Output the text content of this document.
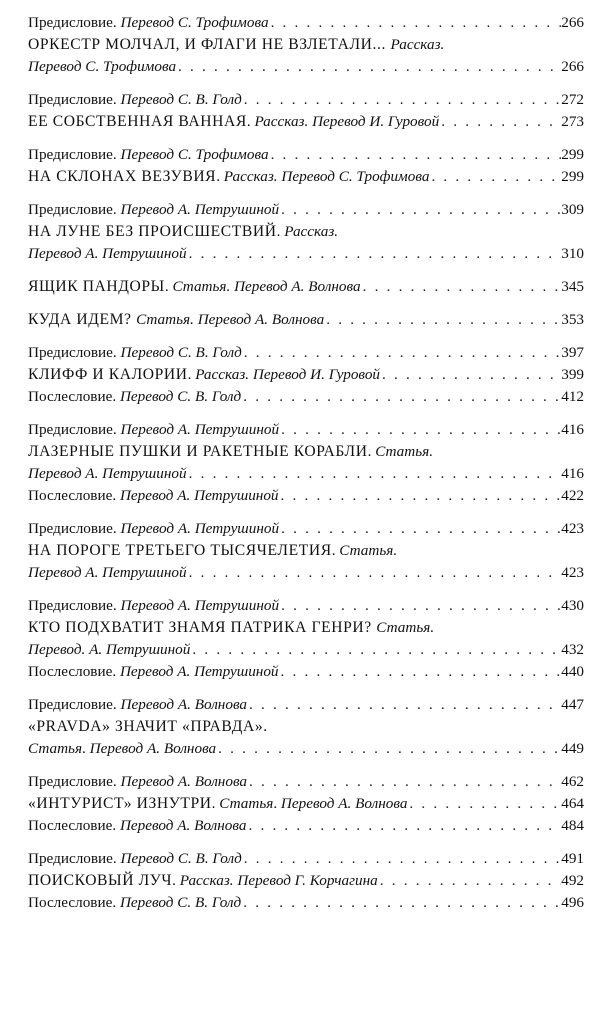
Предисловие. Перевод С. Трофимова . . .	266
ОРКЕСТР МОЛЧАЛ, И ФЛАГИ НЕ ВЗЛЕТАЛИ... Рассказ.
Перевод С. Трофимова . . .	266
Предисловие. Перевод С. В. Голд . . .	272
ЕЕ СОБСТВЕННАЯ ВАННАЯ. Рассказ. Перевод И. Гуровой . . .	273
Предисловие. Перевод С. Трофимова . . .	299
НА СКЛОНАХ ВЕЗУВИЯ. Рассказ. Перевод С. Трофимова . . .	299
Предисловие. Перевод А. Петрушиной . . .	309
НА ЛУНЕ БЕЗ ПРОИСШЕСТВИЙ. Рассказ.
Перевод А. Петрушиной . . .	310
ЯЩИК ПАНДОРЫ. Статья. Перевод А. Волнова . . .	345
КУДА ИДЕМ? Статья. Перевод А. Волнова . . .	353
Предисловие. Перевод С. В. Голд . . .	397
КЛИФФ И КАЛОРИИ. Рассказ. Перевод И. Гуровой . . .	399
Послесловие. Перевод С. В. Голд . . .	412
Предисловие. Перевод А. Петрушиной . . .	416
ЛАЗЕРНЫЕ ПУШКИ И РАКЕТНЫЕ КОРАБЛИ. Статья.
Перевод А. Петрушиной . . .	416
Послесловие. Перевод А. Петрушиной . . .	422
Предисловие. Перевод А. Петрушиной . . .	423
НА ПОРОГЕ ТРЕТЬЕГО ТЫСЯЧЕЛЕТИЯ. Статья.
Перевод А. Петрушиной . . .	423
Предисловие. Перевод А. Петрушиной . . .	430
КТО ПОДХВАТИТ ЗНАМЯ ПАТРИКА ГЕНРИ? Статья.
Перевод. А. Петрушиной . . .	432
Послесловие. Перевод А. Петрушиной . . .	440
Предисловие. Перевод А. Волнова . . .	447
«PRAVDA» ЗНАЧИТ «ПРАВДА».
Статья. Перевод А. Волнова . . .	449
Предисловие. Перевод А. Волнова . . .	462
«ИНТУРИСТ» ИЗНУТРИ. Статья. Перевод А. Волнова . . .	464
Послесловие. Перевод А. Волнова . . .	484
Предисловие. Перевод С. В. Голд . . .	491
ПОИСКОВЫЙ ЛУЧ. Рассказ. Перевод Г. Корчагина . . .	492
Послесловие. Перевод С. В. Голд . . .	496
